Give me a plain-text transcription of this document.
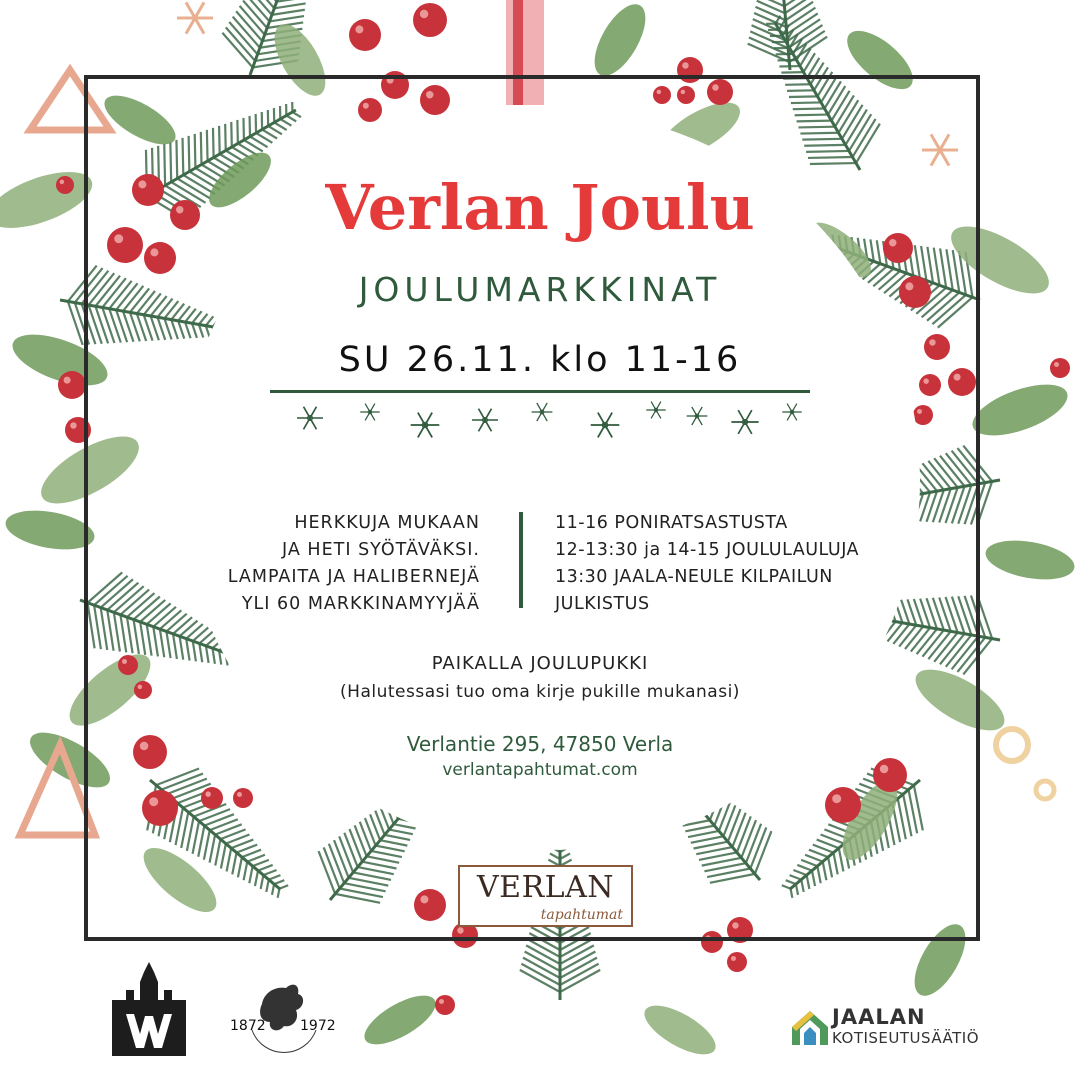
Verlan Joulu
JOULUMARKKINAT
SU 26.11. klo 11-16
HERKKUJA MUKAAN
JA HETI SYÖTÄVÄKSI.
LAMPAITA JA HALIBERNEJÄ
YLI 60 MARKKINAMYYJÄÄ
11-16 PONIRATSASTUSTA
12-13:30 ja 14-15 JOULULAULUJA
13:30 JAALA-NEULE KILPAILUN
JULKISTUS
PAIKALLA JOULUPUKKI
(Halutessasi tuo oma kirje pukille mukanasi)
Verlantie 295, 47850 Verla
verlantapahtumat.com
VERLAN
tapahtumat
1872 1972	JAALAN
KOTISEUTUSÄÄTIÖ
